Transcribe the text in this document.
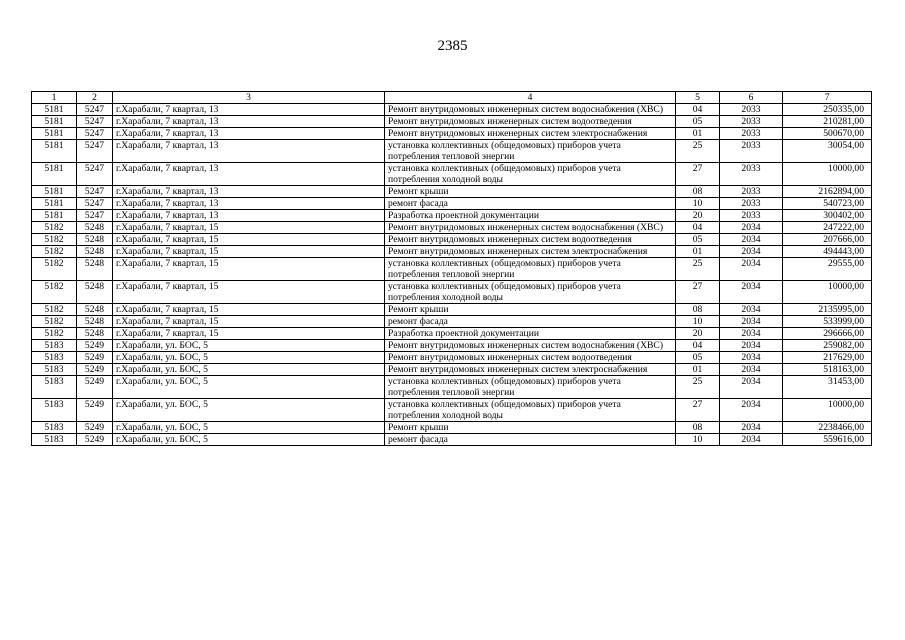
2385
1	2	3	4	5	6	7
5181	5247	г.Харабали, 7 квартал, 13	Ремонт внутридомовых инженерных систем водоснабжения (ХВС)	04	2033	250335,00
5181	5247	г.Харабали, 7 квартал, 13	Ремонт внутридомовых инженерных систем водоотведения	05	2033	210281,00
5181	5247	г.Харабали, 7 квартал, 13	Ремонт внутридомовых инженерных систем электроснабжения	01	2033	500670,00
5181	5247	г.Харабали, 7 квартал, 13	установка коллективных (общедомовых) приборов учета потребления тепловой энергии	25	2033	30054,00
5181	5247	г.Харабали, 7 квартал, 13	установка коллективных (общедомовых) приборов учета потребления холодной воды	27	2033	10000,00
5181	5247	г.Харабали, 7 квартал, 13	Ремонт крыши	08	2033	2162894,00
5181	5247	г.Харабали, 7 квартал, 13	ремонт фасада	10	2033	540723,00
5181	5247	г.Харабали, 7 квартал, 13	Разработка проектной документации	20	2033	300402,00
5182	5248	г.Харабали, 7 квартал, 15	Ремонт внутридомовых инженерных систем водоснабжения (ХВС)	04	2034	247222,00
5182	5248	г.Харабали, 7 квартал, 15	Ремонт внутридомовых инженерных систем водоотведения	05	2034	207666,00
5182	5248	г.Харабали, 7 квартал, 15	Ремонт внутридомовых инженерных систем электроснабжения	01	2034	494443,00
5182	5248	г.Харабали, 7 квартал, 15	установка коллективных (общедомовых) приборов учета потребления тепловой энергии	25	2034	29555,00
5182	5248	г.Харабали, 7 квартал, 15	установка коллективных (общедомовых) приборов учета потребления холодной воды	27	2034	10000,00
5182	5248	г.Харабали, 7 квартал, 15	Ремонт крыши	08	2034	2135995,00
5182	5248	г.Харабали, 7 квартал, 15	ремонт фасада	10	2034	533999,00
5182	5248	г.Харабали, 7 квартал, 15	Разработка проектной документации	20	2034	296666,00
5183	5249	г.Харабали, ул. БОС, 5	Ремонт внутридомовых инженерных систем водоснабжения (ХВС)	04	2034	259082,00
5183	5249	г.Харабали, ул. БОС, 5	Ремонт внутридомовых инженерных систем водоотведения	05	2034	217629,00
5183	5249	г.Харабали, ул. БОС, 5	Ремонт внутридомовых инженерных систем электроснабжения	01	2034	518163,00
5183	5249	г.Харабали, ул. БОС, 5	установка коллективных (общедомовых) приборов учета потребления тепловой энергии	25	2034	31453,00
5183	5249	г.Харабали, ул. БОС, 5	установка коллективных (общедомовых) приборов учета потребления холодной воды	27	2034	10000,00
5183	5249	г.Харабали, ул. БОС, 5	Ремонт крыши	08	2034	2238466,00
5183	5249	г.Харабали, ул. БОС, 5	ремонт фасада	10	2034	559616,00
